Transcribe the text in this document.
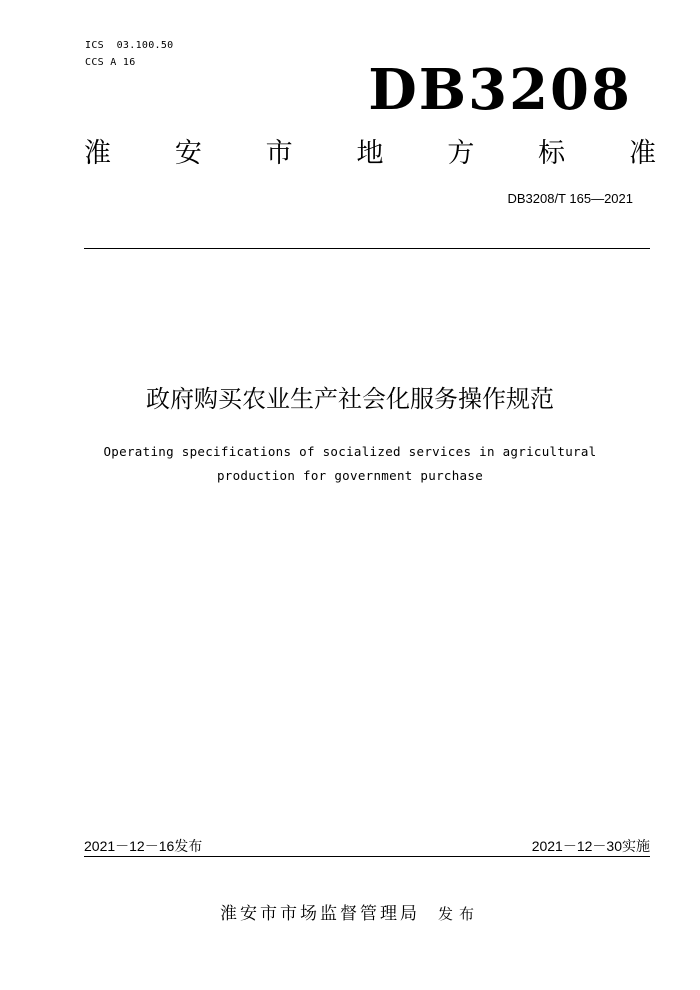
ICS  03.100.50
CCS A 16	DB3208
淮 安 市 地 方 标 准
DB3208/T 165—2021
政府购买农业生产社会化服务操作规范
Operating specifications of socialized services in agricultural
production for government purchase
2021－12－16发布	2021－12－30实施
淮安市市场监督管理局 发布
